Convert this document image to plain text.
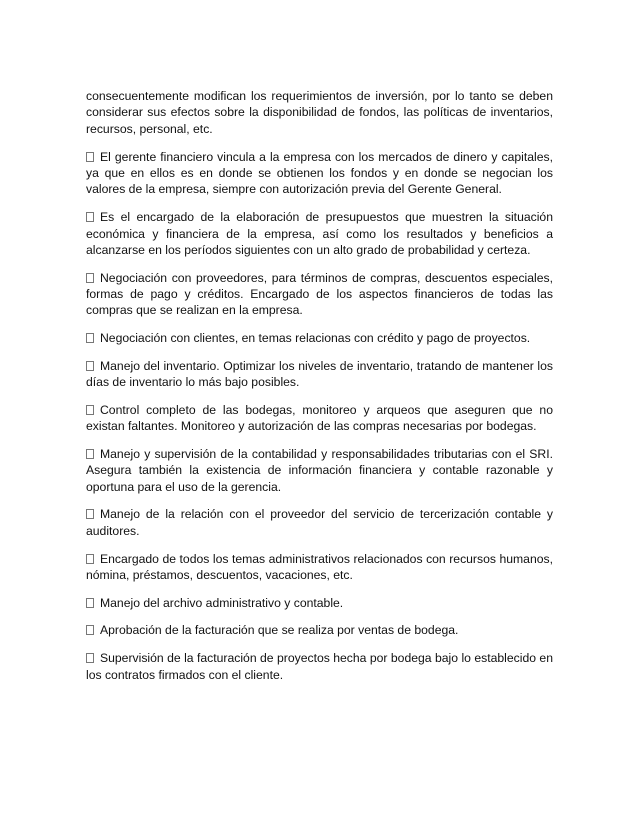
consecuentemente modifican los requerimientos de inversión, por lo tanto se deben considerar sus efectos sobre la disponibilidad de fondos, las políticas de inventarios, recursos, personal, etc.

El gerente financiero vincula a la empresa con los mercados de dinero y capitales, ya que en ellos es en donde se obtienen los fondos y en donde se negocian los valores de la empresa, siempre con autorización previa del Gerente General.

Es el encargado de la elaboración de presupuestos que muestren la situación económica y financiera de la empresa, así como los resultados y beneficios a alcanzarse en los períodos siguientes con un alto grado de probabilidad y certeza.

Negociación con proveedores, para términos de compras, descuentos especiales, formas de pago y créditos. Encargado de los aspectos financieros de todas las compras que se realizan en la empresa.

Negociación con clientes, en temas relacionas con crédito y pago de proyectos.

Manejo del inventario. Optimizar los niveles de inventario, tratando de mantener los días de inventario lo más bajo posibles.

Control completo de las bodegas, monitoreo y arqueos que aseguren que no existan faltantes. Monitoreo y autorización de las compras necesarias por bodegas.

Manejo y supervisión de la contabilidad y responsabilidades tributarias con el SRI. Asegura también la existencia de información financiera y contable razonable y oportuna para el uso de la gerencia.

Manejo de la relación con el proveedor del servicio de tercerización contable y auditores.

Encargado de todos los temas administrativos relacionados con recursos humanos, nómina, préstamos, descuentos, vacaciones, etc.

Manejo del archivo administrativo y contable.

Aprobación de la facturación que se realiza por ventas de bodega.

Supervisión de la facturación de proyectos hecha por bodega bajo lo establecido en los contratos firmados con el cliente.
